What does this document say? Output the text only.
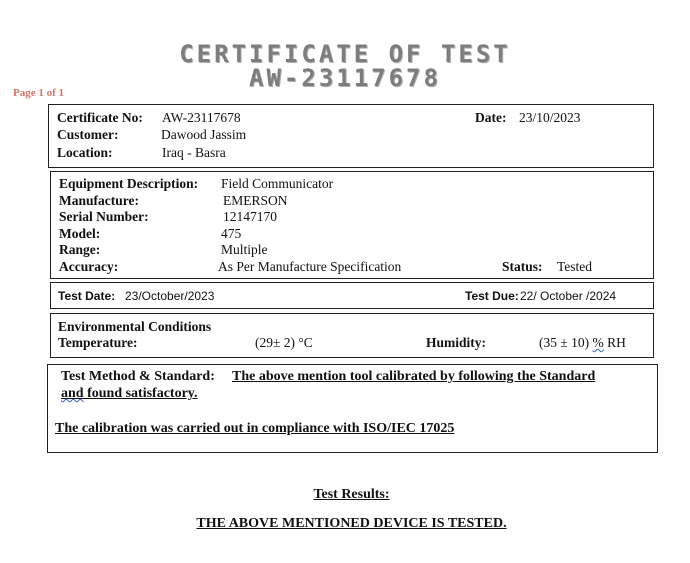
CERTIFICATE OF TEST
AW-23117678
Page 1 of 1
Certificate No: AW-23117678	Date: 23/10/2023
Customer:	Dawood Jassim
Location:	Iraq - Basra
Equipment Description: Field Communicator
Manufacture:	EMERSON
Serial Number:	12147170
Model:	475
Range:	Multiple
Accuracy:	As Per Manufacture Specification	Status: Tested
Test Date: 23/October/2023	Test Due: 22/ October /2024
Environmental Conditions
Temperature:	(29± 2) °C	Humidity:	(35 ± 10) % RH
Test Method & Standard: The above mention tool calibrated by following the Standard
and found satisfactory.
The calibration was carried out in compliance with ISO/IEC 17025
Test Results:
THE ABOVE MENTIONED DEVICE IS TESTED.
